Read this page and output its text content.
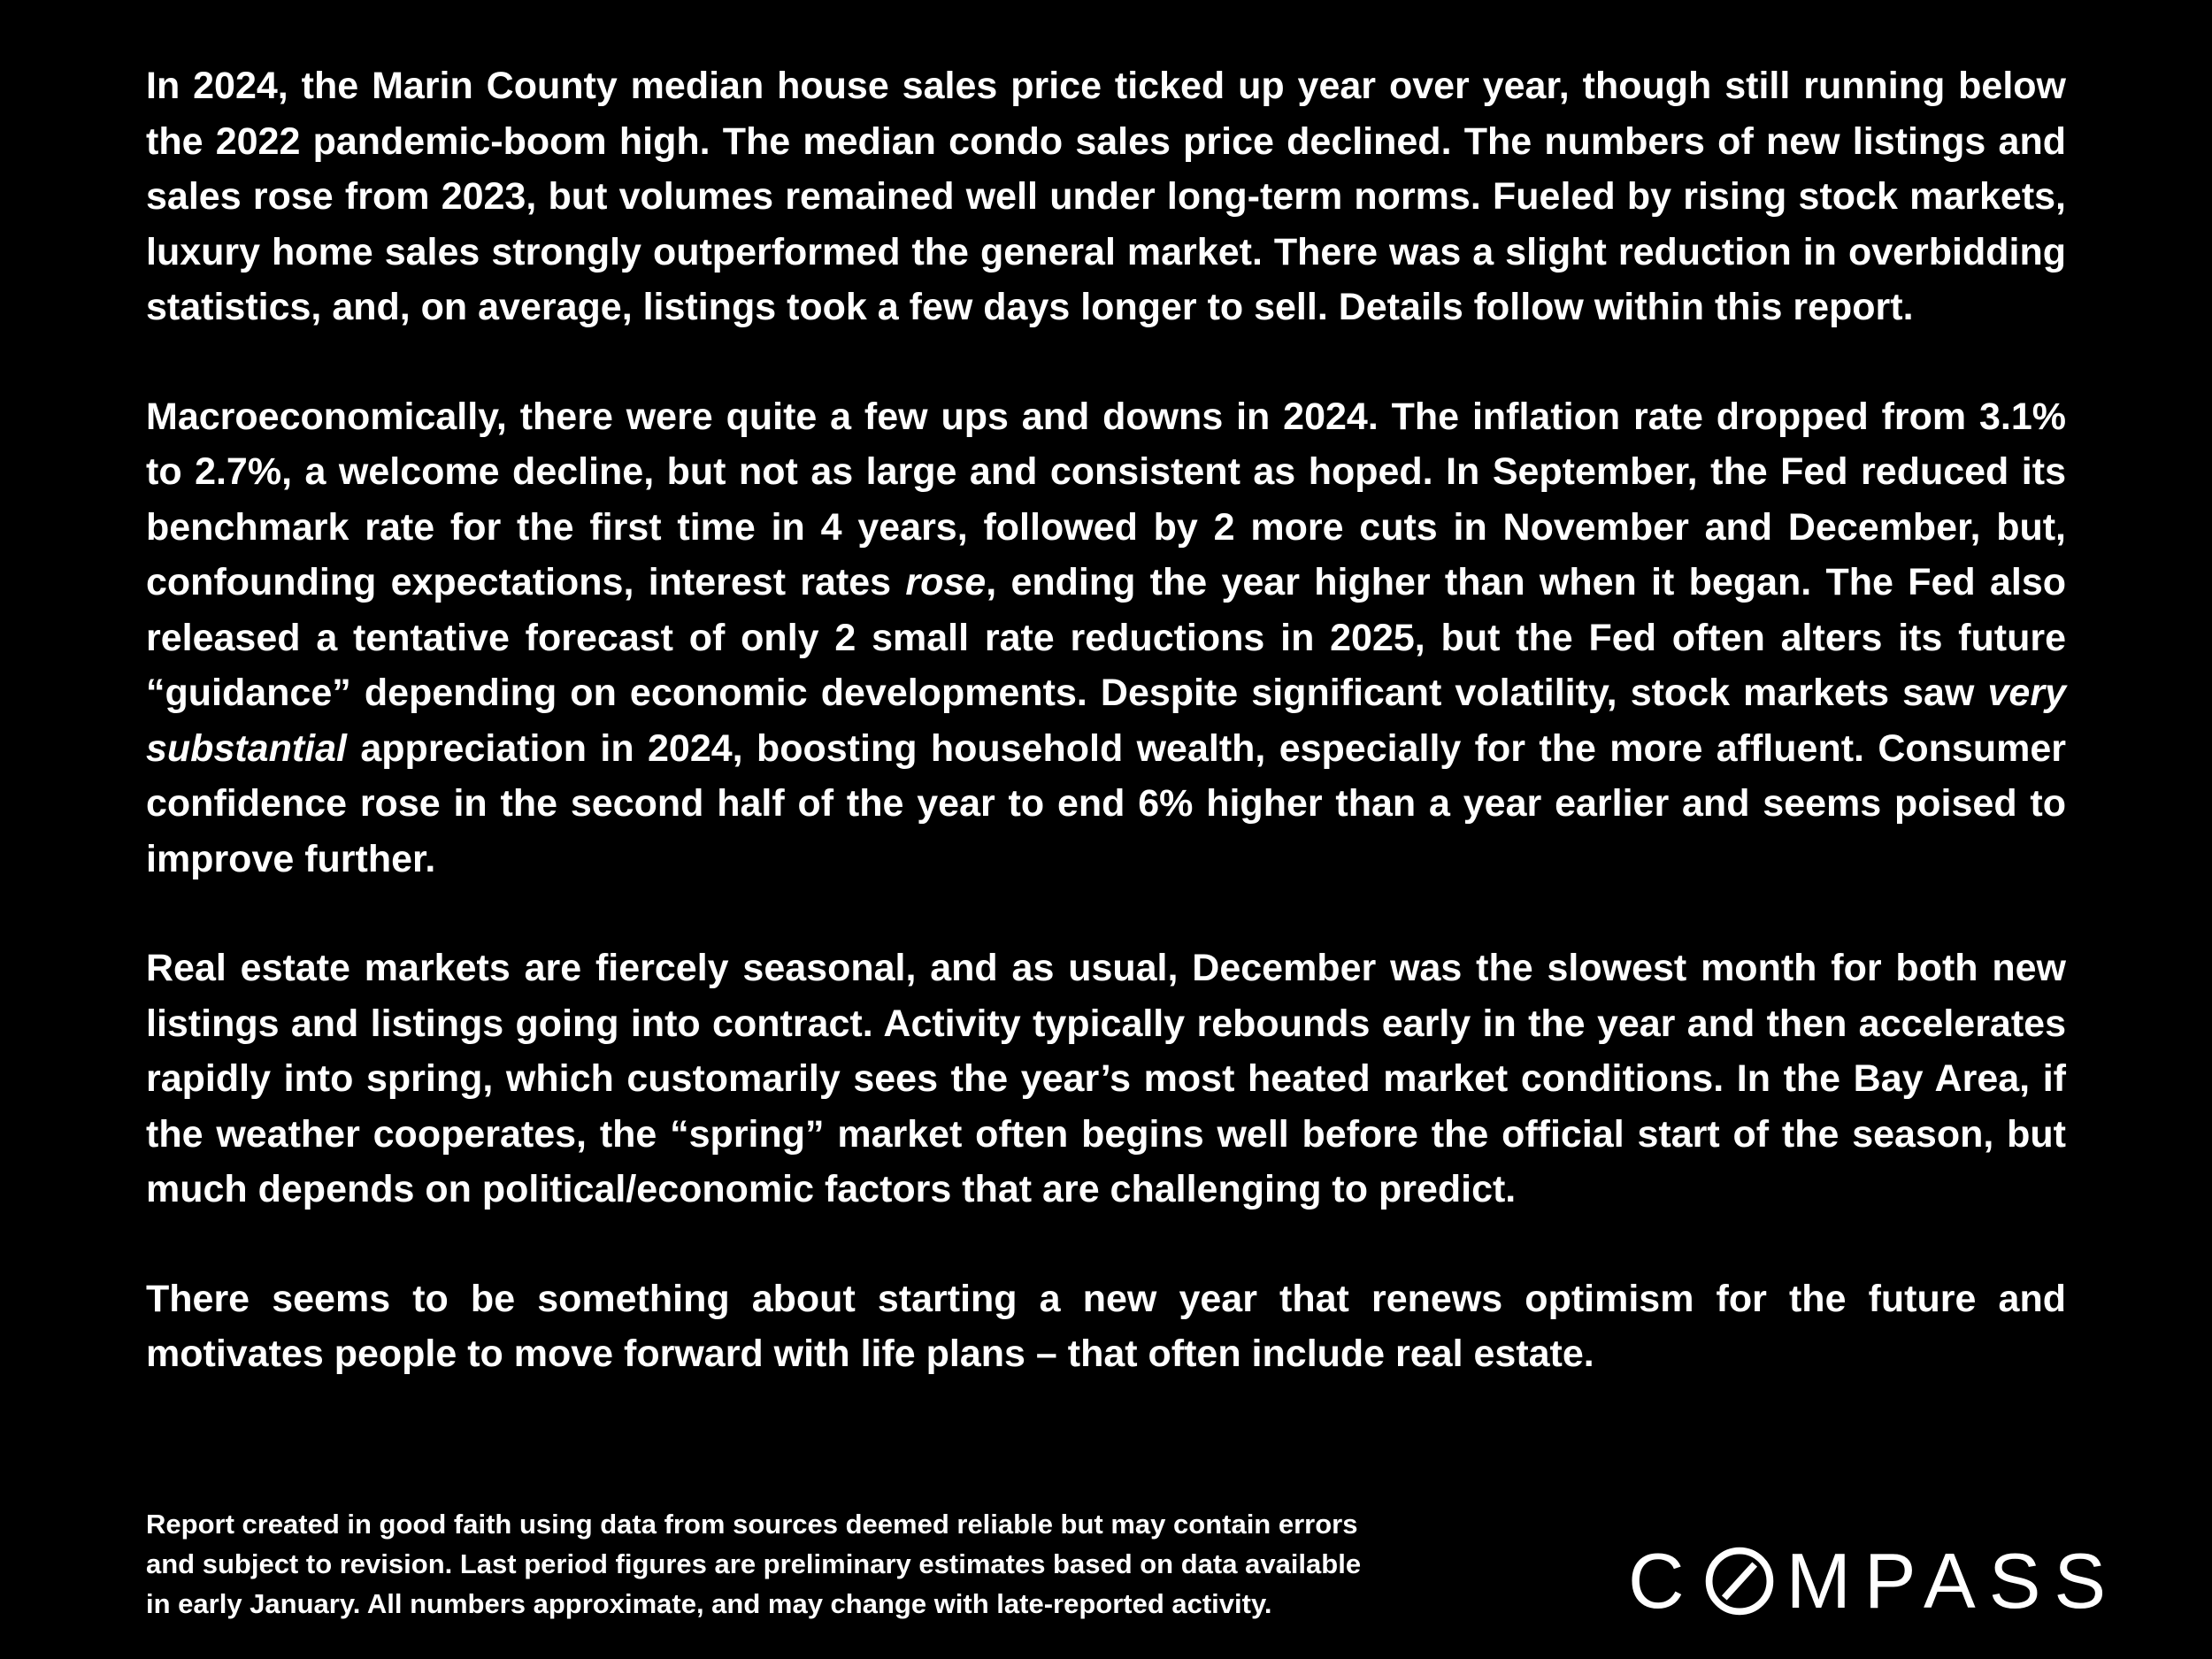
In 2024, the Marin County median house sales price ticked up year over year, though still running below the 2022 pandemic-boom high. The median condo sales price declined. The numbers of new listings and sales rose from 2023, but volumes remained well under long-term norms. Fueled by rising stock markets, luxury home sales strongly outperformed the general market. There was a slight reduction in overbidding statistics, and, on average, listings took a few days longer to sell. Details follow within this report.

Macroeconomically, there were quite a few ups and downs in 2024. The inflation rate dropped from 3.1% to 2.7%, a welcome decline, but not as large and consistent as hoped. In September, the Fed reduced its benchmark rate for the first time in 4 years, followed by 2 more cuts in November and December, but, confounding expectations, interest rates rose, ending the year higher than when it began. The Fed also released a tentative forecast of only 2 small rate reductions in 2025, but the Fed often alters its future “guidance” depending on economic developments. Despite significant volatility, stock markets saw very substantial appreciation in 2024, boosting household wealth, especially for the more affluent. Consumer confidence rose in the second half of the year to end 6% higher than a year earlier and seems poised to improve further.

Real estate markets are fiercely seasonal, and as usual, December was the slowest month for both new listings and listings going into contract. Activity typically rebounds early in the year and then accelerates rapidly into spring, which customarily sees the year’s most heated market conditions. In the Bay Area, if the weather cooperates, the “spring” market often begins well before the official start of the season, but much depends on political/economic factors that are challenging to predict.

There seems to be something about starting a new year that renews optimism for the future and motivates people to move forward with life plans – that often include real estate.

Report created in good faith using data from sources deemed reliable but may contain errors
and subject to revision. Last period figures are preliminary estimates based on data available
in early January. All numbers approximate, and may change with late-reported activity.	C MPASS
